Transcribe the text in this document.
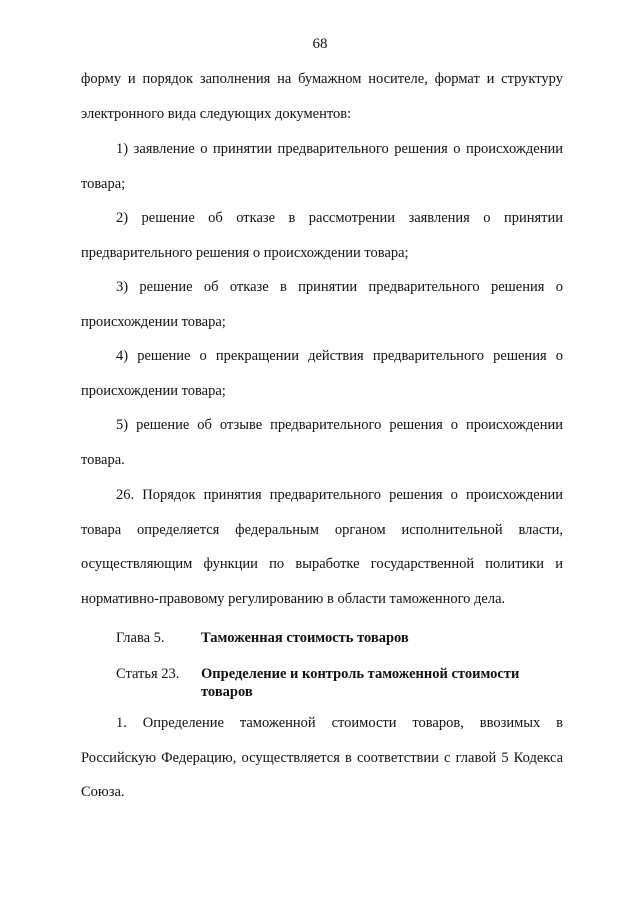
68

форму и порядок заполнения на бумажном носителе, формат и структуру электронного вида следующих документов:

1) заявление о принятии предварительного решения о происхождении товара;

2) решение об отказе в рассмотрении заявления о принятии предварительного решения о происхождении товара;

3) решение об отказе в принятии предварительного решения о происхождении товара;

4) решение о прекращении действия предварительного решения о происхождении товара;

5) решение об отзыве предварительного решения о происхождении товара.

26. Порядок принятия предварительного решения о происхождении товара определяется федеральным органом исполнительной власти, осуществляющим функции по выработке государственной политики и нормативно-правовому регулированию в области таможенного дела.

Глава 5.	Таможенная стоимость товаров
Статья 23. Определение и контроль таможенной стоимости товаров

1. Определение таможенной стоимости товаров, ввозимых в Российскую Федерацию, осуществляется в соответствии с главой 5 Кодекса Союза.
